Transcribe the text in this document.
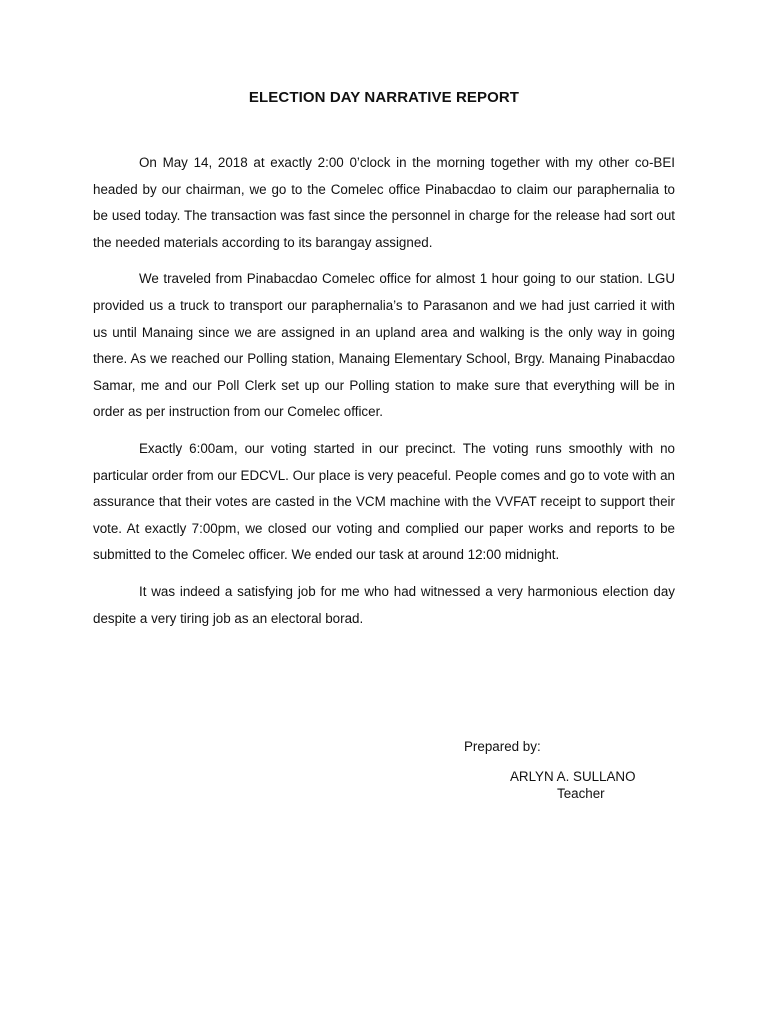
ELECTION DAY NARRATIVE REPORT

On May 14, 2018 at exactly 2:00 0’clock in the morning together with my other co-BEI headed by our chairman, we go to the Comelec office Pinabacdao to claim our paraphernalia to be used today. The transaction was fast since the personnel in charge for the release had sort out the needed materials according to its barangay assigned.

We traveled from Pinabacdao Comelec office for almost 1 hour going to our station. LGU provided us a truck to transport our paraphernalia’s to Parasanon and we had just carried it with us until Manaing since we are assigned in an upland area and walking is the only way in going there. As we reached our Polling station, Manaing Elementary School, Brgy. Manaing Pinabacdao Samar, me and our Poll Clerk set up our Polling station to make sure that everything will be in order as per instruction from our Comelec officer.

Exactly 6:00am, our voting started in our precinct. The voting runs smoothly with no particular order from our EDCVL. Our place is very peaceful. People comes and go to vote with an assurance that their votes are casted in the VCM machine with the VVFAT receipt to support their vote. At exactly 7:00pm, we closed our voting and complied our paper works and reports to be submitted to the Comelec officer. We ended our task at around 12:00 midnight.

It was indeed a satisfying job for me who had witnessed a very harmonious election day despite a very tiring job as an electoral borad.

Prepared by:
ARLYN A. SULLANO
Teacher
